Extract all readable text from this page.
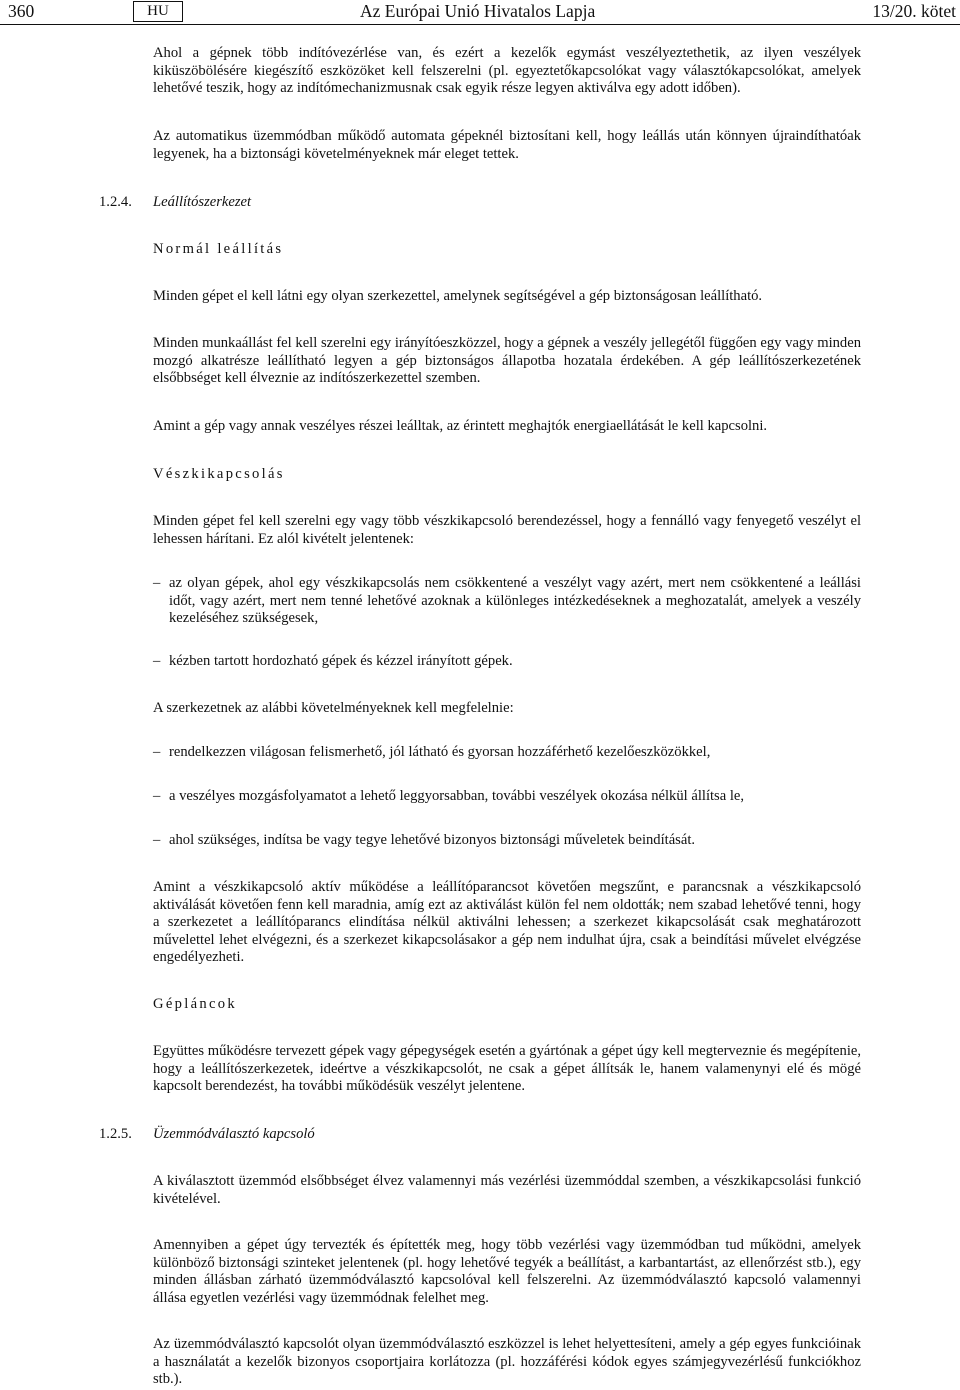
360	HU	Az Európai Unió Hivatalos Lapja	13/20. kötet

Ahol a gépnek több indítóvezérlése van, és ezért a kezelők egymást veszélyeztethetik, az ilyen veszélyek kiküszöbölésére kiegészítő eszközöket kell felszerelni (pl. egyeztetőkapcsolókat vagy választókapcsolókat, amelyek lehetővé teszik, hogy az indítómechanizmusnak csak egyik része legyen aktiválva egy adott időben).

Az automatikus üzemmódban működő automata gépeknél biztosítani kell, hogy leállás után könnyen újraindíthatóak legyenek, ha a biztonsági követelményeknek már eleget tettek.

1.2.4. Leállítószerkezet

Normál leállítás

Minden gépet el kell látni egy olyan szerkezettel, amelynek segítségével a gép biztonságosan leállítható.

Minden munkaállást fel kell szerelni egy irányítóeszközzel, hogy a gépnek a veszély jellegétől függően egy vagy minden mozgó alkatrésze leállítható legyen a gép biztonságos állapotba hozatala érdekében. A gép leállítószerkezetének elsőbbséget kell élveznie az indítószerkezettel szemben.

Amint a gép vagy annak veszélyes részei leálltak, az érintett meghajtók energiaellátását le kell kapcsolni.

Vészkikapcsolás

Minden gépet fel kell szerelni egy vagy több vészkikapcsoló berendezéssel, hogy a fennálló vagy fenyegető veszélyt el lehessen hárítani. Ez alól kivételt jelentenek:

– az olyan gépek, ahol egy vészkikapcsolás nem csökkentené a veszélyt vagy azért, mert nem csökkentené a leállási időt, vagy azért, mert nem tenné lehetővé azoknak a különleges intézkedéseknek a meghozatalát, amelyek a veszély kezeléséhez szükségesek,

– kézben tartott hordozható gépek és kézzel irányított gépek.

A szerkezetnek az alábbi követelményeknek kell megfelelnie:

– rendelkezzen világosan felismerhető, jól látható és gyorsan hozzáférhető kezelőeszközökkel,

– a veszélyes mozgásfolyamatot a lehető leggyorsabban, további veszélyek okozása nélkül állítsa le,

– ahol szükséges, indítsa be vagy tegye lehetővé bizonyos biztonsági műveletek beindítását.

Amint a vészkikapcsoló aktív működése a leállítóparancsot követően megszűnt, e parancsnak a vészkikapcsoló aktiválását követően fenn kell maradnia, amíg ezt az aktiválást külön fel nem oldották; nem szabad lehetővé tenni, hogy a szerkezetet a leállítóparancs elindítása nélkül aktiválni lehessen; a szerkezet kikapcsolását csak meghatározott művelettel lehet elvégezni, és a szerkezet kikapcsolásakor a gép nem indulhat újra, csak a beindítási művelet elvégzése engedélyezheti.

Gépláncok

Együttes működésre tervezett gépek vagy gépegységek esetén a gyártónak a gépet úgy kell megterveznie és megépítenie, hogy a leállítószerkezetek, ideértve a vészkikapcsolót, ne csak a gépet állítsák le, hanem valamenynyi elé és mögé kapcsolt berendezést, ha további működésük veszélyt jelentene.

1.2.5. Üzemmódválasztó kapcsoló

A kiválasztott üzemmód elsőbbséget élvez valamennyi más vezérlési üzemmóddal szemben, a vészkikapcsolási funkció kivételével.

Amennyiben a gépet úgy tervezték és építették meg, hogy több vezérlési vagy üzemmódban tud működni, amelyek különböző biztonsági szinteket jelentenek (pl. hogy lehetővé tegyék a beállítást, a karbantartást, az ellenőrzést stb.), egy minden állásban zárható üzemmódválasztó kapcsolóval kell felszerelni. Az üzemmódválasztó kapcsoló valamennyi állása egyetlen vezérlési vagy üzemmódnak felelhet meg.

Az üzemmódválasztó kapcsolót olyan üzemmódválasztó eszközzel is lehet helyettesíteni, amely a gép egyes funkcióinak a használatát a kezelők bizonyos csoportjaira korlátozza (pl. hozzáférési kódok egyes számjegyvezérlésű funkciókhoz stb.).
